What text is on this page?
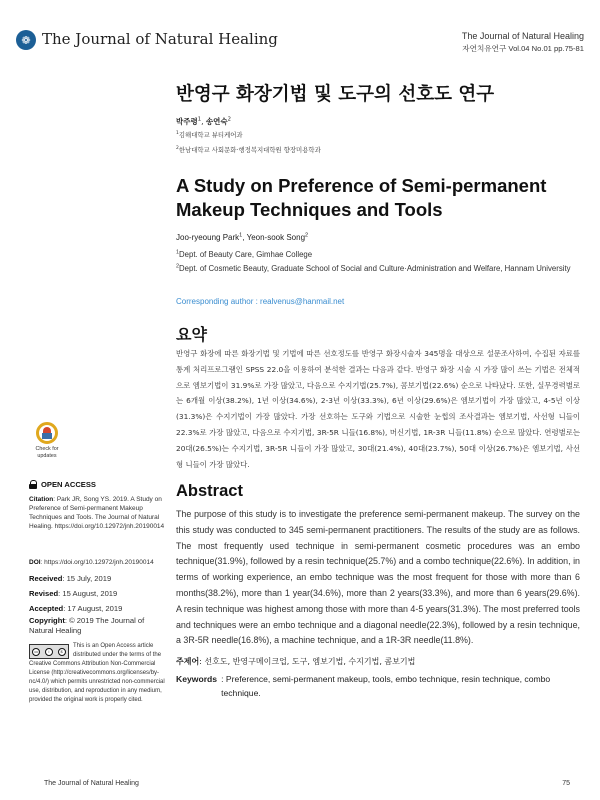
❁ The Journal of Natural Healing	The Journal of Natural Healing
자연치유연구 Vol.04 No.01 pp.75-81
반영구 화장기법 및 도구의 선호도 연구
박주령$^1$, 송연숙$^2$
$^1$김해대학교 뷰티케어과
$^2$한남대학교 사회문화·행정복지대학원 향장미용학과
A Study on Preference of Semi-permanent Makeup Techniques and Tools
Joo-ryeoung Park$^1$, Yeon-sook Song$^2$
$^1$Dept. of Beauty Care, Gimhae College
$^2$Dept. of Cosmetic Beauty, Graduate School of Social and Culture·Administration and Welfare, Hannam University
Corresponding author : realvenus@hanmail.net
요약
반영구 화장에 따른 화장기법 및 기법에 따른 선호정도를 반영구 화장시술자 345명을 대상으로 설문조사하여, 수집된 자료를 통계 처리프로그램인 SPSS 22.0을 이용하여 분석한 결과는 다음과 같다. 반영구 화장 시술 시 가장 많이 쓰는 기법은 전체적으로 엠보기법이 31.9%로 가장 많았고, 다음으로 수지기법(25.7%), 콤보기법(22.6%) 순으로 나타났다. 또한, 실무경력별로는 6개월 이상(38.2%), 1년 이상(34.6%), 2-3년 이상(33.3%), 6년 이상(29.6%)은 엠보기법이 가장 많았고, 4-5년 이상(31.3%)은 수지기법이 가장 많았다. 가장 선호하는 도구와 기법으로 시술한 눈썹의 조사결과는 엠보기법, 사선형 니들이 22.3%로 가장 많았고, 다음으로 수지기법, 3R-5R 니들(16.8%), 머신기법, 1R-3R 니들(11.8%) 순으로 많았다. 연령별로는 20대(26.5%)는 수지기법, 3R-5R 니들이 가장 많았고, 30대(21.4%), 40대(23.7%), 50대 이상(26.7%)은 엠보기법, 사선형 니들이 가장 많았다.
Abstract
The purpose of this study is to investigate the preference semi-permanent makeup. The survey on the this study was conducted to 345 semi-permanent practitioners. The results of the study are as follows. The most frequently used technique in semi-permanent cosmetic procedures was an embo technique(31.9%), followed by a resin technique(25.7%) and a combo technique(22.6%). In addition, in terms of working experience, an embo technique was the most frequent for those with more than 6 months(38.2%), more than 1 year(34.6%), more than 2 years(33.3%), and more than 6 years(29.6%). A resin technique was highest among those with more than 4-5 years(31.3%). The most preferred tools and techniques were an embo technique and a diagonal needle(22.3%), followed by a resin technique, a 3R-5R needle(16.8%), a machine technique, and a 1R-3R needle(11.8%).
주제어: 선호도, 반영구메이크업, 도구, 엠보기법, 수지기법, 콤보기법
Keywords : Preference, semi-permanent makeup, tools, embo technique, resin technique, combo technique.
Check for
updates
OPEN ACCESS
Citation: Park JR, Song YS. 2019. A Study on Preference of Semi-permanent Makeup Techniques and Tools. The Journal of Natural Healing. https://doi.org/10.12972/jnh.20190014
DOI: https://doi.org/10.12972/jnh.20190014
Received: 15 July, 2019
Revised: 15 August, 2019
Accepted: 17 August, 2019
Copyright: © 2019 The Journal of Natural Healing
cc	i	$
This is an Open Access article distributed under the terms of the Creative Commons Attribution Non-Commercial License (http://creativecommons.org/licenses/by-nc/4.0/) which permits unrestricted non-commercial use, distribution, and reproduction in any medium, provided the original work is properly cited.
The Journal of Natural Healing	75
